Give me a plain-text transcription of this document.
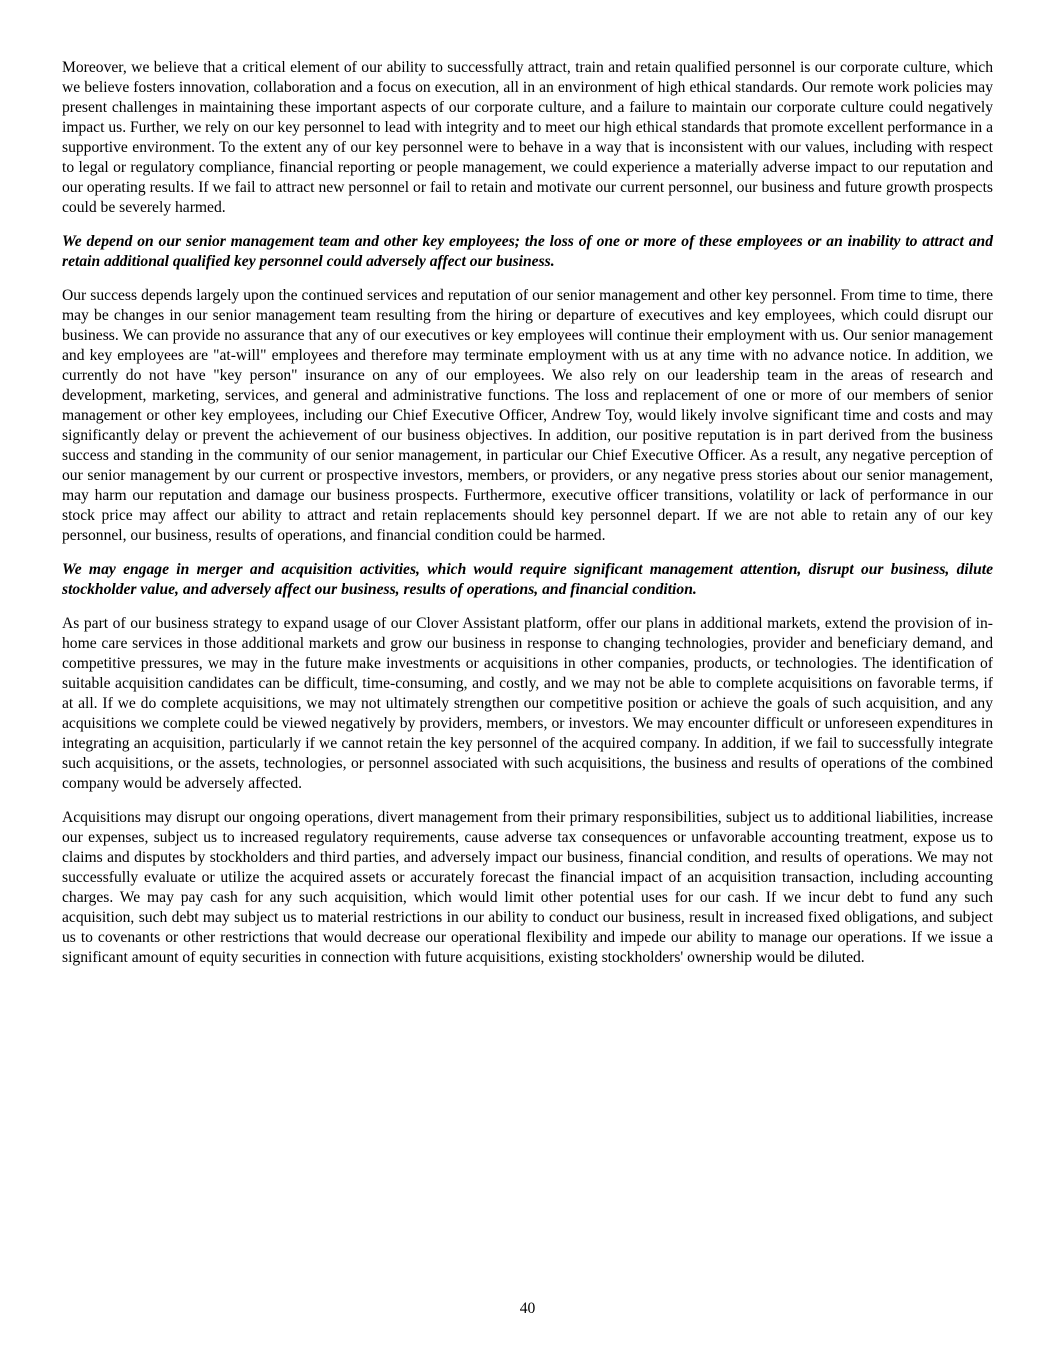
Moreover, we believe that a critical element of our ability to successfully attract, train and retain qualified personnel is our corporate culture, which we believe fosters innovation, collaboration and a focus on execution, all in an environment of high ethical standards. Our remote work policies may present challenges in maintaining these important aspects of our corporate culture, and a failure to maintain our corporate culture could negatively impact us. Further, we rely on our key personnel to lead with integrity and to meet our high ethical standards that promote excellent performance in a supportive environment. To the extent any of our key personnel were to behave in a way that is inconsistent with our values, including with respect to legal or regulatory compliance, financial reporting or people management, we could experience a materially adverse impact to our reputation and our operating results. If we fail to attract new personnel or fail to retain and motivate our current personnel, our business and future growth prospects could be severely harmed.

We depend on our senior management team and other key employees; the loss of one or more of these employees or an inability to attract and retain additional qualified key personnel could adversely affect our business.

Our success depends largely upon the continued services and reputation of our senior management and other key personnel. From time to time, there may be changes in our senior management team resulting from the hiring or departure of executives and key employees, which could disrupt our business. We can provide no assurance that any of our executives or key employees will continue their employment with us. Our senior management and key employees are "at-will" employees and therefore may terminate employment with us at any time with no advance notice. In addition, we currently do not have "key person" insurance on any of our employees. We also rely on our leadership team in the areas of research and development, marketing, services, and general and administrative functions. The loss and replacement of one or more of our members of senior management or other key employees, including our Chief Executive Officer, Andrew Toy, would likely involve significant time and costs and may significantly delay or prevent the achievement of our business objectives. In addition, our positive reputation is in part derived from the business success and standing in the community of our senior management, in particular our Chief Executive Officer. As a result, any negative perception of our senior management by our current or prospective investors, members, or providers, or any negative press stories about our senior management, may harm our reputation and damage our business prospects. Furthermore, executive officer transitions, volatility or lack of performance in our stock price may affect our ability to attract and retain replacements should key personnel depart. If we are not able to retain any of our key personnel, our business, results of operations, and financial condition could be harmed.

We may engage in merger and acquisition activities, which would require significant management attention, disrupt our business, dilute stockholder value, and adversely affect our business, results of operations, and financial condition.

As part of our business strategy to expand usage of our Clover Assistant platform, offer our plans in additional markets, extend the provision of in-home care services in those additional markets and grow our business in response to changing technologies, provider and beneficiary demand, and competitive pressures, we may in the future make investments or acquisitions in other companies, products, or technologies. The identification of suitable acquisition candidates can be difficult, time-consuming, and costly, and we may not be able to complete acquisitions on favorable terms, if at all. If we do complete acquisitions, we may not ultimately strengthen our competitive position or achieve the goals of such acquisition, and any acquisitions we complete could be viewed negatively by providers, members, or investors. We may encounter difficult or unforeseen expenditures in integrating an acquisition, particularly if we cannot retain the key personnel of the acquired company. In addition, if we fail to successfully integrate such acquisitions, or the assets, technologies, or personnel associated with such acquisitions, the business and results of operations of the combined company would be adversely affected.

Acquisitions may disrupt our ongoing operations, divert management from their primary responsibilities, subject us to additional liabilities, increase our expenses, subject us to increased regulatory requirements, cause adverse tax consequences or unfavorable accounting treatment, expose us to claims and disputes by stockholders and third parties, and adversely impact our business, financial condition, and results of operations. We may not successfully evaluate or utilize the acquired assets or accurately forecast the financial impact of an acquisition transaction, including accounting charges. We may pay cash for any such acquisition, which would limit other potential uses for our cash. If we incur debt to fund any such acquisition, such debt may subject us to material restrictions in our ability to conduct our business, result in increased fixed obligations, and subject us to covenants or other restrictions that would decrease our operational flexibility and impede our ability to manage our operations. If we issue a significant amount of equity securities in connection with future acquisitions, existing stockholders' ownership would be diluted.

40
